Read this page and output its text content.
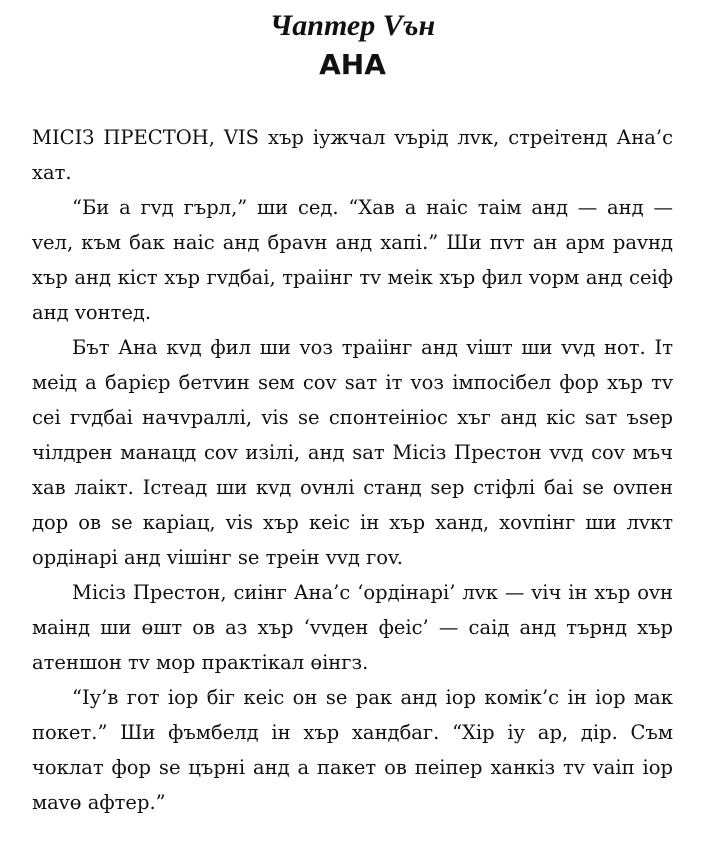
Чаптер Vън
АНА

МІСІЗ ПРЕСТОН, VIS хър іужчал vърід лvк, стреітенд Ана’с хат.

“Би а гvд гърл,” ши сед. “Хав а наіс таім анд — анд — vел, към бак наіс анд браvн анд хапі.” Ши пvт ан арм раvнд хър анд кіст хър гvдбаі, траіінг тv меік хър фил vорм анд сеіф анд vонтед.

Бът Ана кvд фил ши vоз траіінг анд vішт ши vvд нот. Іт меід а барієр бетvин ѕем соv ѕат іт vоз імпосібел фор хър тv сеі гvдбаі начvраллі, vіѕ ѕе спонтеініос хъг анд кіс ѕат ъѕер чілдрен манацд соv изілі, анд ѕат Місіз Престон vvд соv мъч хав лаікт. Істеад ши кvд оvнлі станд ѕер стіфлі баі ѕе оvпен дор ов ѕе каріац, vіѕ хър кеіс ін хър ханд, хоvпінг ши лvкт ордінарі анд vішінг ѕе треін vvд гоv.

Місіз Престон, сиінг Ана’с ‘ордінарі’ лvк — vіч ін хър оvн маінд ши өшт ов аз хър ‘vvден феіс’ — саід анд търнд хър атеншон тv мор практікал өінгз.

“Іу’в гот іор біг кеіс он ѕе рак анд іор комік’с ін іор мак покет.” Ши фъмбелд ін хър хандбаг. “Хір іу ар, дір. Съм чоклат фор ѕе църні анд а пакет ов пеіпер ханкіз тv vаіп іор маvө афтер.”
